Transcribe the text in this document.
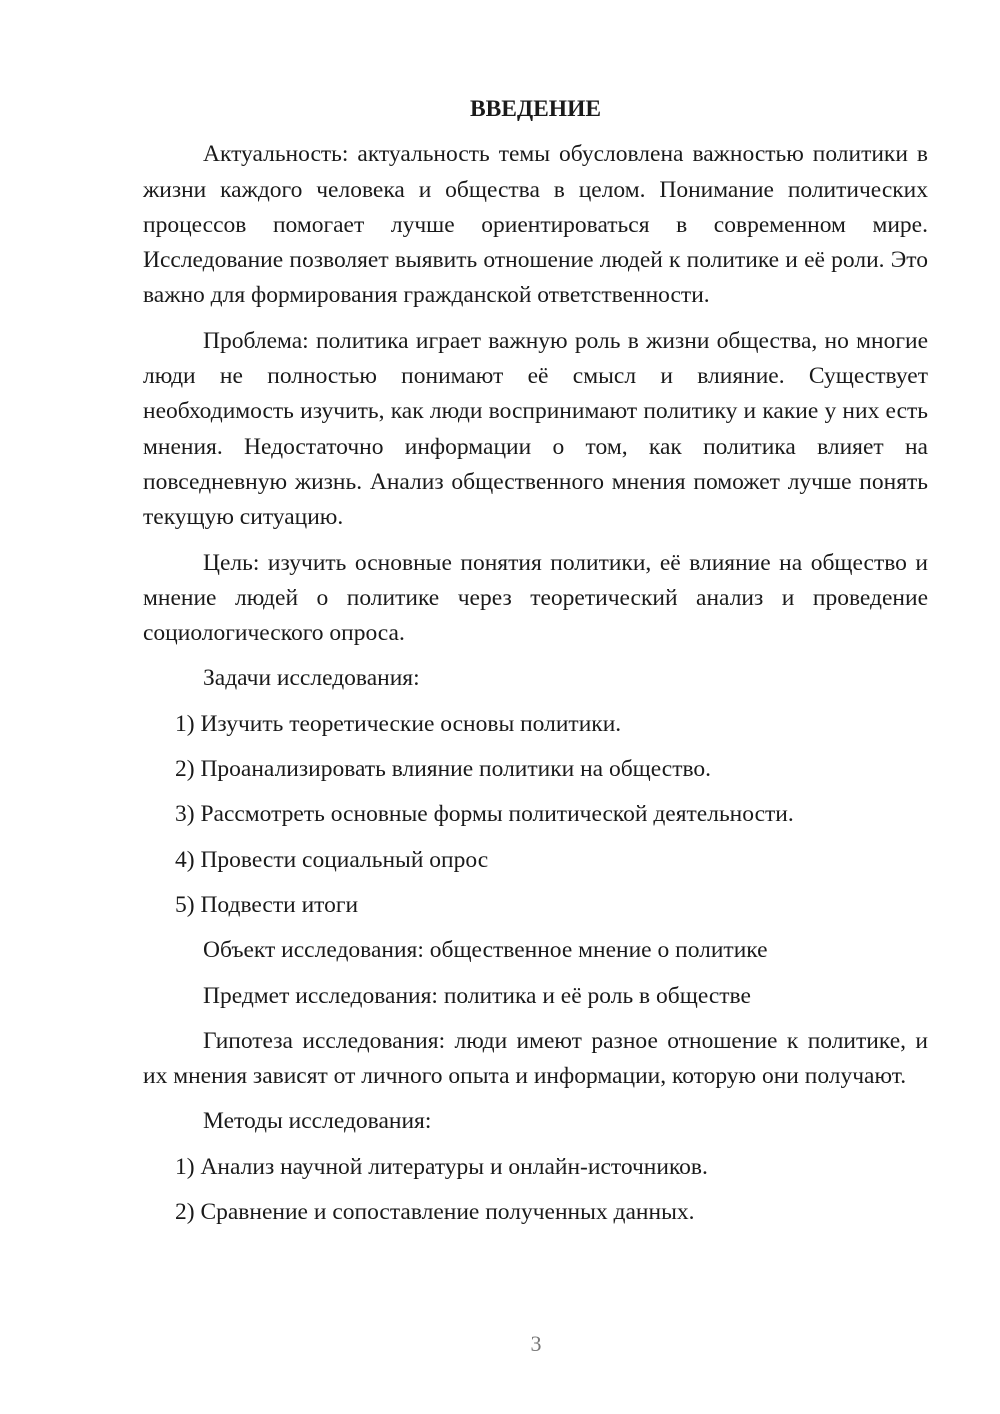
ВВЕДЕНИЕ

Актуальность: актуальность темы обусловлена важностью политики в жизни каждого человека и общества в целом. Понимание политических процессов помогает лучше ориентироваться в современном мире. Исследование позволяет выявить отношение людей к политике и её роли. Это важно для формирования гражданской ответственности.

Проблема: политика играет важную роль в жизни общества, но многие люди не полностью понимают её смысл и влияние. Существует необходимость изучить, как люди воспринимают политику и какие у них есть мнения. Недостаточно информации о том, как политика влияет на повседневную жизнь. Анализ общественного мнения поможет лучше понять текущую ситуацию.

Цель: изучить основные понятия политики, её влияние на общество и мнение людей о политике через теоретический анализ и проведение социологического опроса.

Задачи исследования:

1) Изучить теоретические основы политики.

2) Проанализировать влияние политики на общество.

3) Рассмотреть основные формы политической деятельности.

4) Провести социальный опрос

5) Подвести итоги

Объект исследования: общественное мнение о политике

Предмет исследования: политика и её роль в обществе

Гипотеза исследования: люди имеют разное отношение к политике, и их мнения зависят от личного опыта и информации, которую они получают.

Методы исследования:

1) Анализ научной литературы и онлайн-источников.

2) Сравнение и сопоставление полученных данных.

3
